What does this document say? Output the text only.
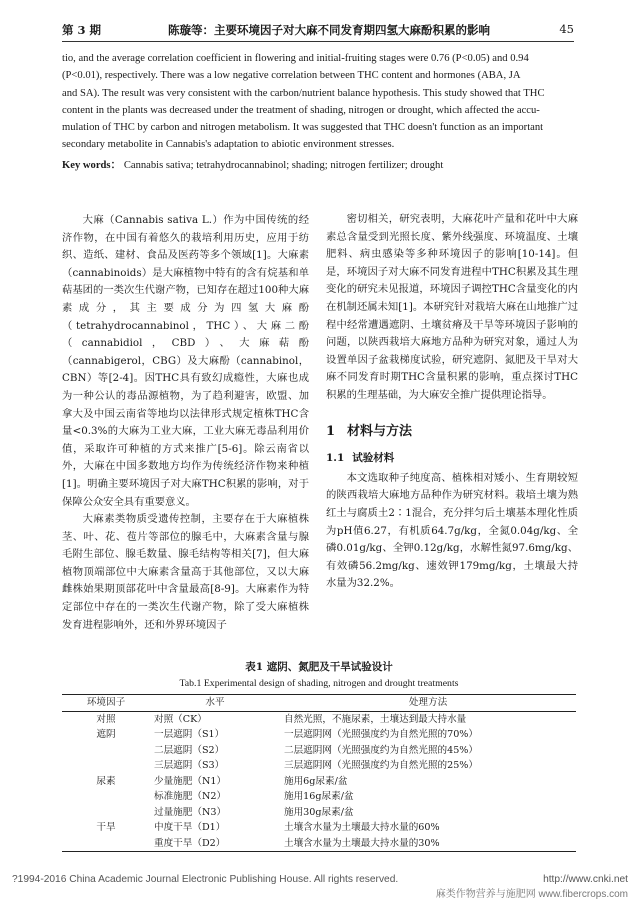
第 3 期	陈璇等：主要环境因子对大麻不同发育期四氢大麻酚积累的影响	45

tio, and the average correlation coefficient in flowering and initial-fruiting stages were 0.76 (P<0.05) and 0.94

(P<0.01), respectively. There was a low negative correlation between THC content and hormones (ABA, JA

and SA). The result was very consistent with the carbon/nutrient balance hypothesis. This study showed that THC

content in the plants was decreased under the treatment of shading, nitrogen or drought, which affected the accu-

mulation of THC by carbon and nitrogen metabolism. It was suggested that THC doesn't function as an important

secondary metabolite in Cannabis's adaptation to abiotic environment stresses.

Key words： Cannabis sativa; tetrahydrocannabinol; shading; nitrogen fertilizer; drought

大麻（Cannabis sativa L.）作为中国传统的经济作物，在中国有着悠久的栽培利用历史，应用于纺织、造纸、建材、食品及医药等多个领域[1]。大麻素（cannabinoids）是大麻植物中特有的含有烷基和单萜基团的一类次生代谢产物，已知存在超过100种大麻素成分，其主要成分为四氢大麻酚（tetrahydrocannabinol，THC）、大麻二酚（cannabidiol，CBD）、大麻萜酚（cannabigerol，CBG）及大麻酚（cannabinol，CBN）等[2-4]。因THC具有致幻成瘾性，大麻也成为一种公认的毒品源植物，为了趋利避害，欧盟、加拿大及中国云南省等地均以法律形式规定植株THC含量<0.3%的大麻为工业大麻，工业大麻无毒品利用价值，采取许可种植的方式来推广[5-6]。除云南省以外，大麻在中国多数地方均作为传统经济作物来种植[1]。明确主要环境因子对大麻THC积累的影响，对于保障公众安全具有重要意义。

大麻素类物质受遗传控制，主要存在于大麻植株茎、叶、花、苞片等部位的腺毛中，大麻素含量与腺毛附生部位、腺毛数量、腺毛结构等相关[7]，但大麻植物顶端部位中大麻素含量高于其他部位，又以大麻雌株始果期顶部花叶中含量最高[8-9]。大麻素作为特定部位中存在的一类次生代谢产物，除了受大麻植株发育进程影响外，还和外界环境因子

密切相关，研究表明，大麻花叶产量和花叶中大麻素总含量受到光照长度、紫外线强度、环境温度、土壤肥料、病虫感染等多种环境因子的影响[10-14]。但是，环境因子对大麻不同发育进程中THC积累及其生理变化的研究未见报道，环境因子调控THC含量变化的内在机制还属未知[1]。本研究针对栽培大麻在山地推广过程中经常遭遇遮阴、土壤贫瘠及干旱等环境因子影响的问题，以陕西栽培大麻地方品种为研究对象，通过人为设置单因子盆栽梯度试验，研究遮阴、氮肥及干旱对大麻不同发育时期THC含量积累的影响，重点探讨THC积累的生理基础，为大麻安全推广提供理论指导。

1 材料与方法
1.1 试验材料

本文选取种子纯度高、植株相对矮小、生育期较短的陕西栽培大麻地方品种作为研究材料。栽培土壤为熟红土与腐质土2∶1混合，充分拌匀后土壤基本理化性质为pH值6.27，有机质64.7g/kg，全氮0.04g/kg、全磷0.01g/kg、全钾0.12g/kg，水解性氮97.6mg/kg、有效磷56.2mg/kg、速效钾179mg/kg，土壤最大持水量为32.2%。

表1 遮阴、氮肥及干旱试验设计
Tab.1 Experimental design of shading, nitrogen and drought treatments
环境因子	水平	处理方法
对照	对照（CK）	自然光照，不施尿素，土壤达到最大持水量
遮阴	一层遮阴（S1）	一层遮阴网（光照强度约为自然光照的70%）
	二层遮阴（S2）	二层遮阴网（光照强度约为自然光照的45%）
	三层遮阴（S3）	三层遮阴网（光照强度约为自然光照的25%）
尿素	少量施肥（N1）	施用6g尿素/盆
	标准施肥（N2）	施用16g尿素/盆
	过量施肥（N3）	施用30g尿素/盆
干旱	中度干旱（D1）	土壤含水量为土壤最大持水量的60%
	重度干旱（D2）	土壤含水量为土壤最大持水量的30%
?1994-2016 China Academic Journal Electronic Publishing House. All rights reserved.	http://www.cnki.net
麻类作物营养与施肥网 www.fibercrops.com
